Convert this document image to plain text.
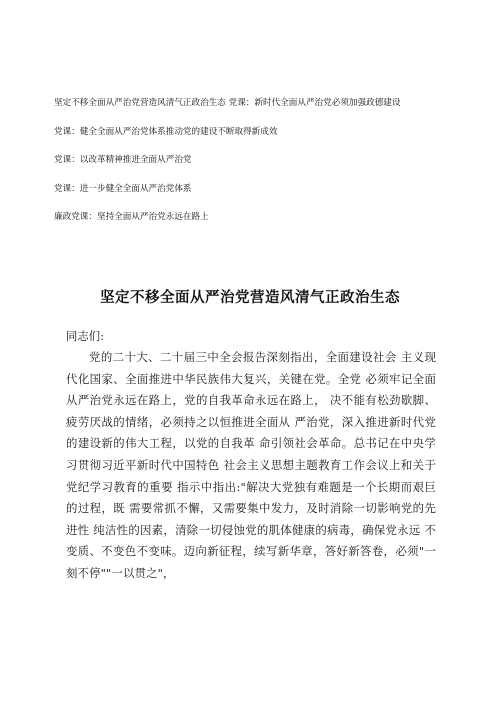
坚定不移全面从严治党营造风清气正政治生态 党课：新时代全面从严治党必须加强政德建设
党课：健全全面从严治党体系推动党的建设不断取得新成效
党课：以改革精神推进全面从严治党
党课：进一步健全全面从严治党体系
廉政党课：坚持全面从严治党永远在路上
坚定不移全面从严治党营造风清气正政治生态
同志们:
党的二十大、二十届三中全会报告深刻指出，全面建设社会 主义现代化国家、全面推进中华民族伟大复兴，关键在党。全党 必须牢记全面从严治党永远在路上，党的自我革命永远在路上， 决不能有松劲歇脚、疲劳厌战的情绪，必须持之以恒推进全面从 严治党，深入推进新时代党的建设新的伟大工程，以党的自我革 命引领社会革命。总书记在中央学习贯彻习近平新时代中国特色 社会主义思想主题教育工作会议上和关于党纪学习教育的重要 指示中指出:"解决大党独有难题是一个长期而艰巨的过程，既 需要常抓不懈，又需要集中发力，及时消除一切影响党的先进性 纯洁性的因素，清除一切侵蚀党的肌体健康的病毒，确保党永远 不变质、不变色不变味。迈向新征程，续写新华章，答好新答卷，必须"一刻不停""一以贯之"，
